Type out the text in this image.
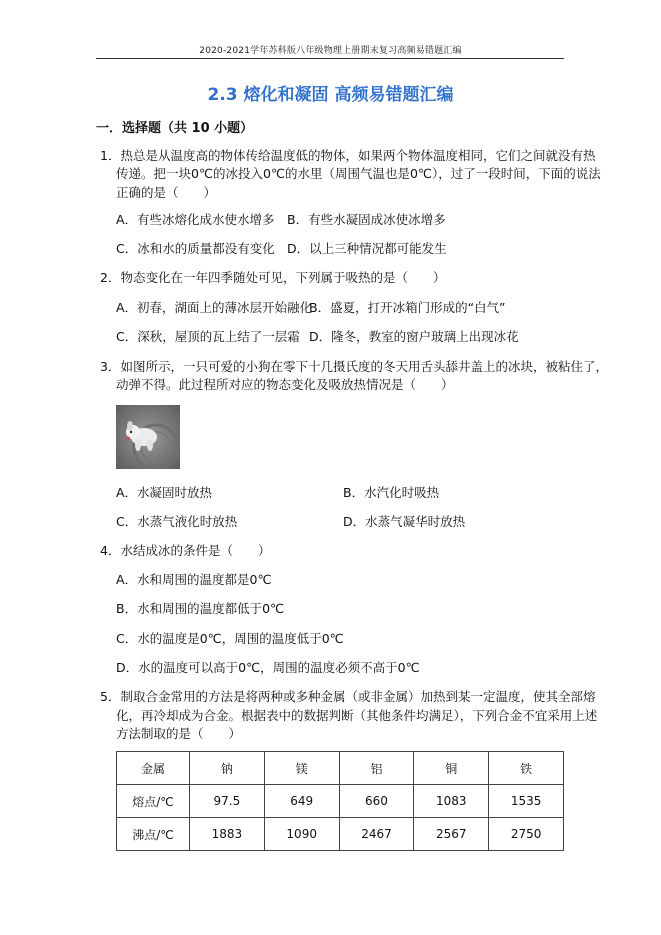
2020-2021学年苏科版八年级物理上册期末复习高频易错题汇编
2.3 熔化和凝固 高频易错题汇编
一．选择题（共 10 小题）
1．热总是从温度高的物体传给温度低的物体，如果两个物体温度相同，它们之间就没有热
传递。把一块0℃的冰投入0℃的水里（周围气温也是0℃），过了一段时间，下面的说法
正确的是（　　）
A．有些冰熔化成水使水增多 B．有些水凝固成冰使冰增多
C．冰和水的质量都没有变化 D．以上三种情况都可能发生
2．物态变化在一年四季随处可见，下列属于吸热的是（　　）
A．初春，湖面上的薄冰层开始融化
B．盛夏，打开冰箱门形成的“白气”
C．深秋，屋顶的瓦上结了一层霜 D．隆冬，教室的窗户玻璃上出现冰花
3．如图所示，一只可爱的小狗在零下十几摄氏度的冬天用舌头舔井盖上的冰块，被粘住了，
动弹不得。此过程所对应的物态变化及吸放热情况是（　　）
A．水凝固时放热	B．水汽化时吸热
C．水蒸气液化时放热	D．水蒸气凝华时放热
4．水结成冰的条件是（　　）
A．水和周围的温度都是0℃
B．水和周围的温度都低于0℃
C．水的温度是0℃，周围的温度低于0℃
D．水的温度可以高于0℃，周围的温度必须不高于0℃
5．制取合金常用的方法是将两种或多种金属（或非金属）加热到某一定温度，使其全部熔
化，再冷却成为合金。根据表中的数据判断（其他条件均满足），下列合金不宜采用上述
方法制取的是（　　）
金属	钠	镁	铝	铜	铁
熔点/℃	97.5	649	660	1083	1535
沸点/℃	1883	1090	2467	2567	2750
